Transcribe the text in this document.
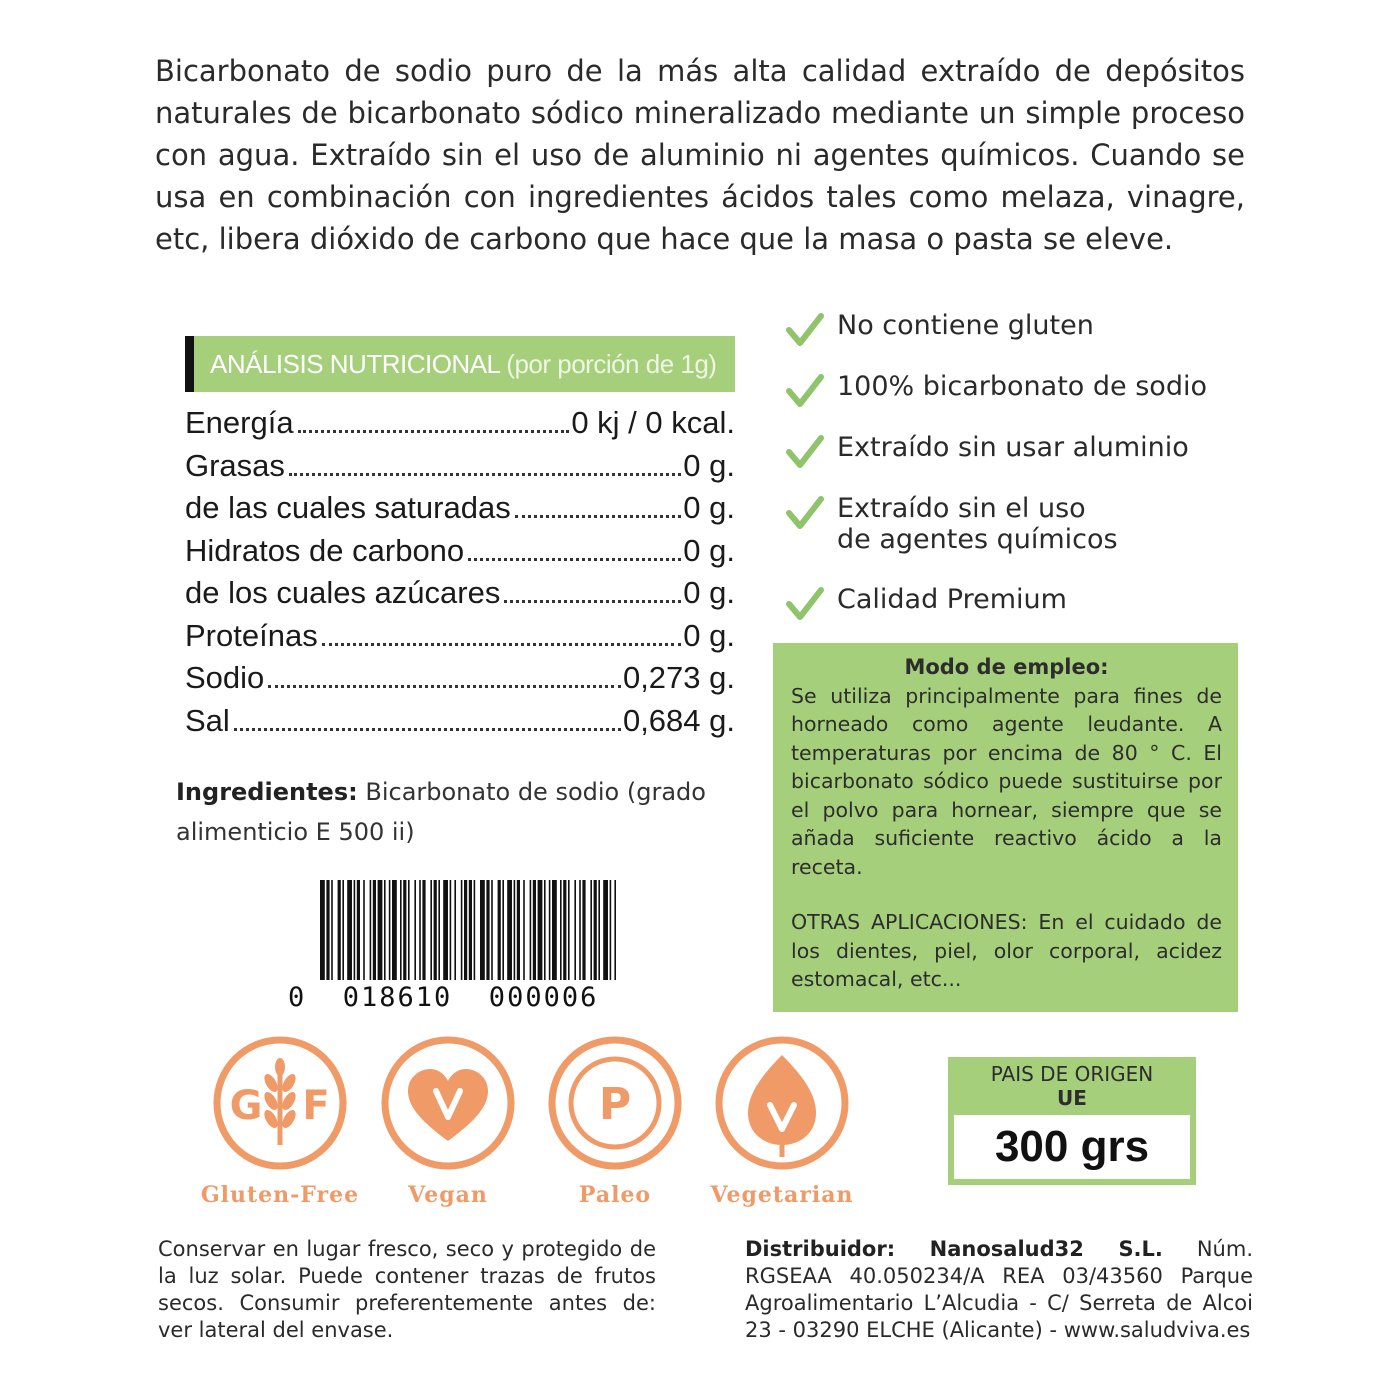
Bicarbonato de sodio puro de la más alta calidad extraído de depósitos naturales de bicarbonato sódico mineralizado mediante un simple proceso con agua. Extraído sin el uso de aluminio ni agentes químicos. Cuando se usa en combinación con ingredientes ácidos tales como melaza, vinagre, etc, libera dióxido de carbono que hace que la masa o pasta se eleve.

ANÁLISIS NUTRICIONAL (por porción de 1g)
Energía	0 kj / 0 kcal.
Grasas	0 g.
de las cuales saturadas	0 g.
Hidratos de carbono	0 g.
de los cuales azúcares	0 g.
Proteínas	0 g.
Sodio	0,273 g.
Sal	0,684 g.
Ingredientes: Bicarbonato de sodio (grado alimenticio E 500 ii)
0  018610  000006
No contiene gluten
100% bicarbonato de sodio
Extraído sin usar aluminio
Extraído sin el uso de agentes químicos
Calidad Premium
Modo de empleo:

Se utiliza principalmente para fines de horneado como agente leudante. A temperaturas por encima de 80 ° C. El bicarbonato sódico puede sustituirse por el polvo para hornear, siempre que se añada suficiente reactivo ácido a la receta.

OTRAS APLICACIONES: En el cuidado de los dientes, piel, olor corporal, acidez estomacal, etc...

G F
Gluten-Free	Vegan
P
Paleo	Vegetarian
PAIS DE ORIGEN
UE
300 grs
Conservar en lugar fresco, seco y protegido de la luz solar. Puede contener trazas de frutos secos. Consumir preferentemente antes de: ver lateral del envase.
Distribuidor: Nanosalud32 S.L. Núm. RGSEAA 40.050234/A REA 03/43560 Parque Agroalimentario L’Alcudia - C/ Serreta de Alcoi 23 - 03290 ELCHE (Alicante) - www.saludviva.es
